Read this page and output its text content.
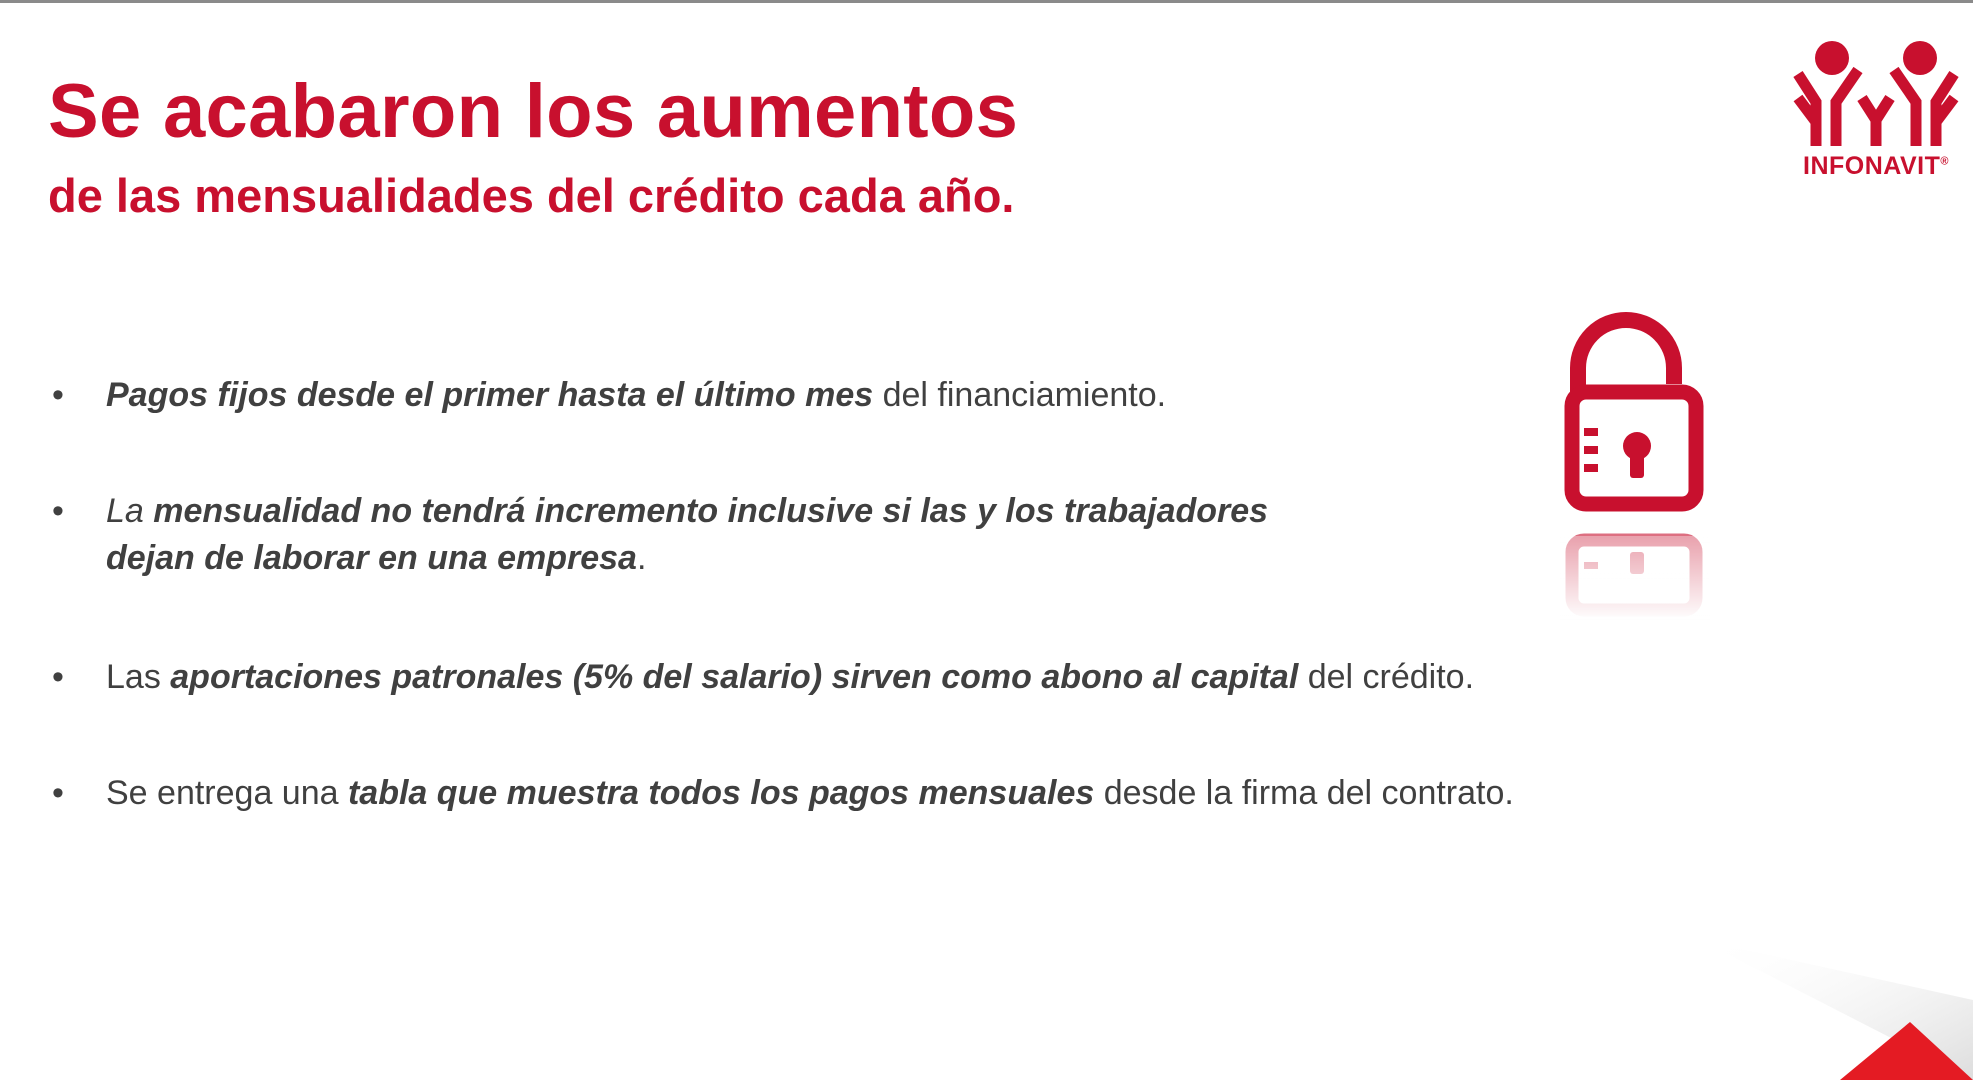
Se acabaron los aumentos
de las mensualidades del crédito cada año.
INFONAVIT®
• Pagos fijos desde el primer hasta el último mes del financiamiento.
• La mensualidad no tendrá incremento inclusive si las y los trabajadores
dejan de laborar en una empresa.
• Las aportaciones patronales (5% del salario) sirven como abono al capital del crédito.
• Se entrega una tabla que muestra todos los pagos mensuales desde la firma del contrato.
